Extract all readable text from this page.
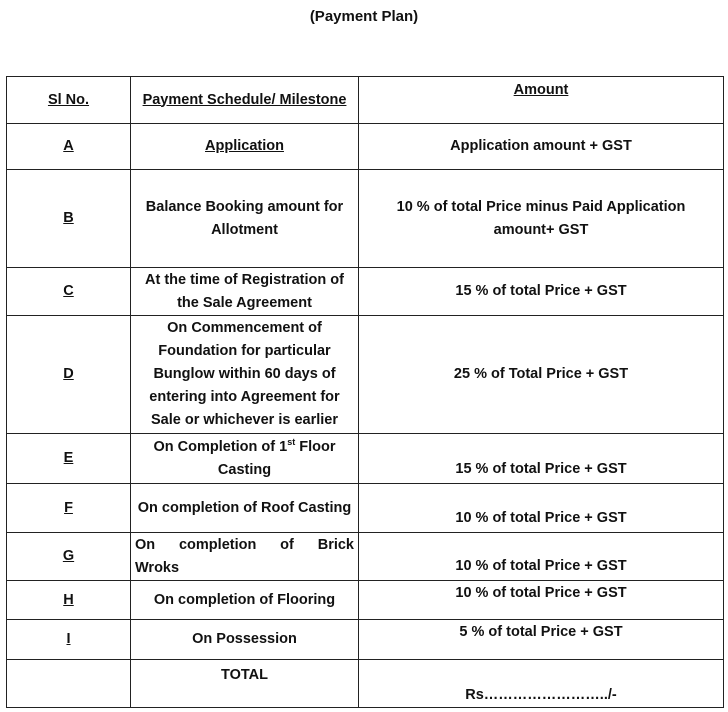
(Payment Plan)
Sl No.	Payment Schedule/ Milestone	Amount
A	Application	Application amount + GST
B	Balance Booking amount for Allotment	10 % of total Price minus Paid Application amount+ GST
C	At the time of Registration of the Sale Agreement	15 % of total Price + GST
D	On Commencement of Foundation for particular Bunglow within 60 days of entering into Agreement for Sale or whichever is earlier	25 % of Total Price + GST
E	On Completion of 1st Floor Casting	15 % of total Price + GST
F	On completion of Roof Casting	10 % of total Price + GST
G	On completion of Brick Wroks	10 % of total Price + GST
H	On completion of Flooring	10 % of total Price + GST
I	On Possession	5 % of total Price + GST
	TOTAL	Rs……………………../-
